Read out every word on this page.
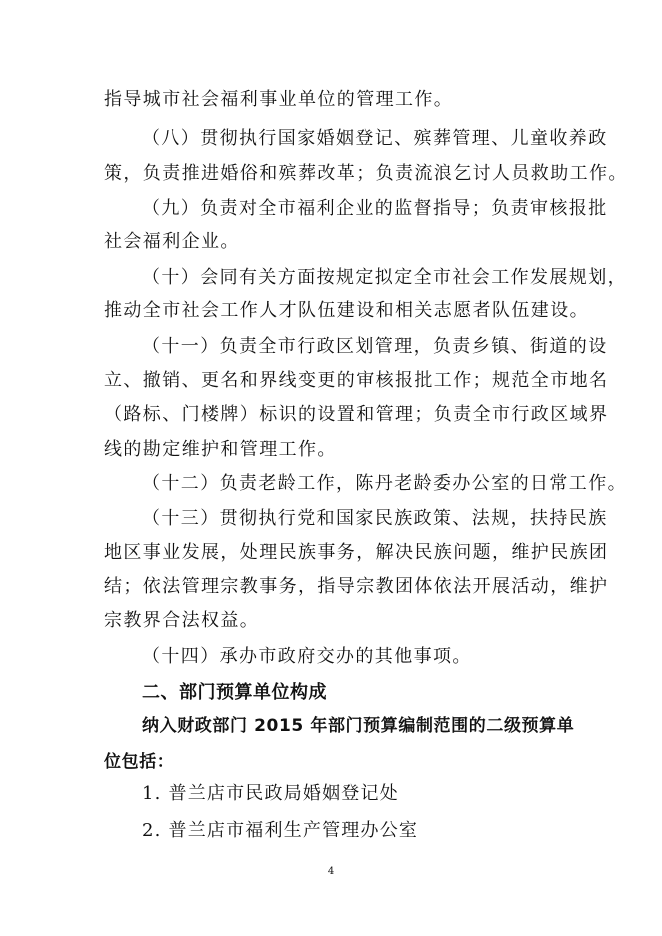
指导城市社会福利事业单位的管理工作。
（八）贯彻执行国家婚姻登记、殡葬管理、儿童收养政
策，负责推进婚俗和殡葬改革；负责流浪乞讨人员救助工作。
（九）负责对全市福利企业的监督指导；负责审核报批
社会福利企业。
（十）会同有关方面按规定拟定全市社会工作发展规划，
推动全市社会工作人才队伍建设和相关志愿者队伍建设。
（十一）负责全市行政区划管理，负责乡镇、街道的设
立、撤销、更名和界线变更的审核报批工作；规范全市地名
（路标、门楼牌）标识的设置和管理；负责全市行政区域界
线的勘定维护和管理工作。
（十二）负责老龄工作，陈丹老龄委办公室的日常工作。
（十三）贯彻执行党和国家民族政策、法规，扶持民族
地区事业发展，处理民族事务，解决民族问题，维护民族团
结；依法管理宗教事务，指导宗教团体依法开展活动，维护
宗教界合法权益。
（十四）承办市政府交办的其他事项。
二、部门预算单位构成
纳入财政部门 2015 年部门预算编制范围的二级预算单
位包括：
1. 普兰店市民政局婚姻登记处
2. 普兰店市福利生产管理办公室
4
